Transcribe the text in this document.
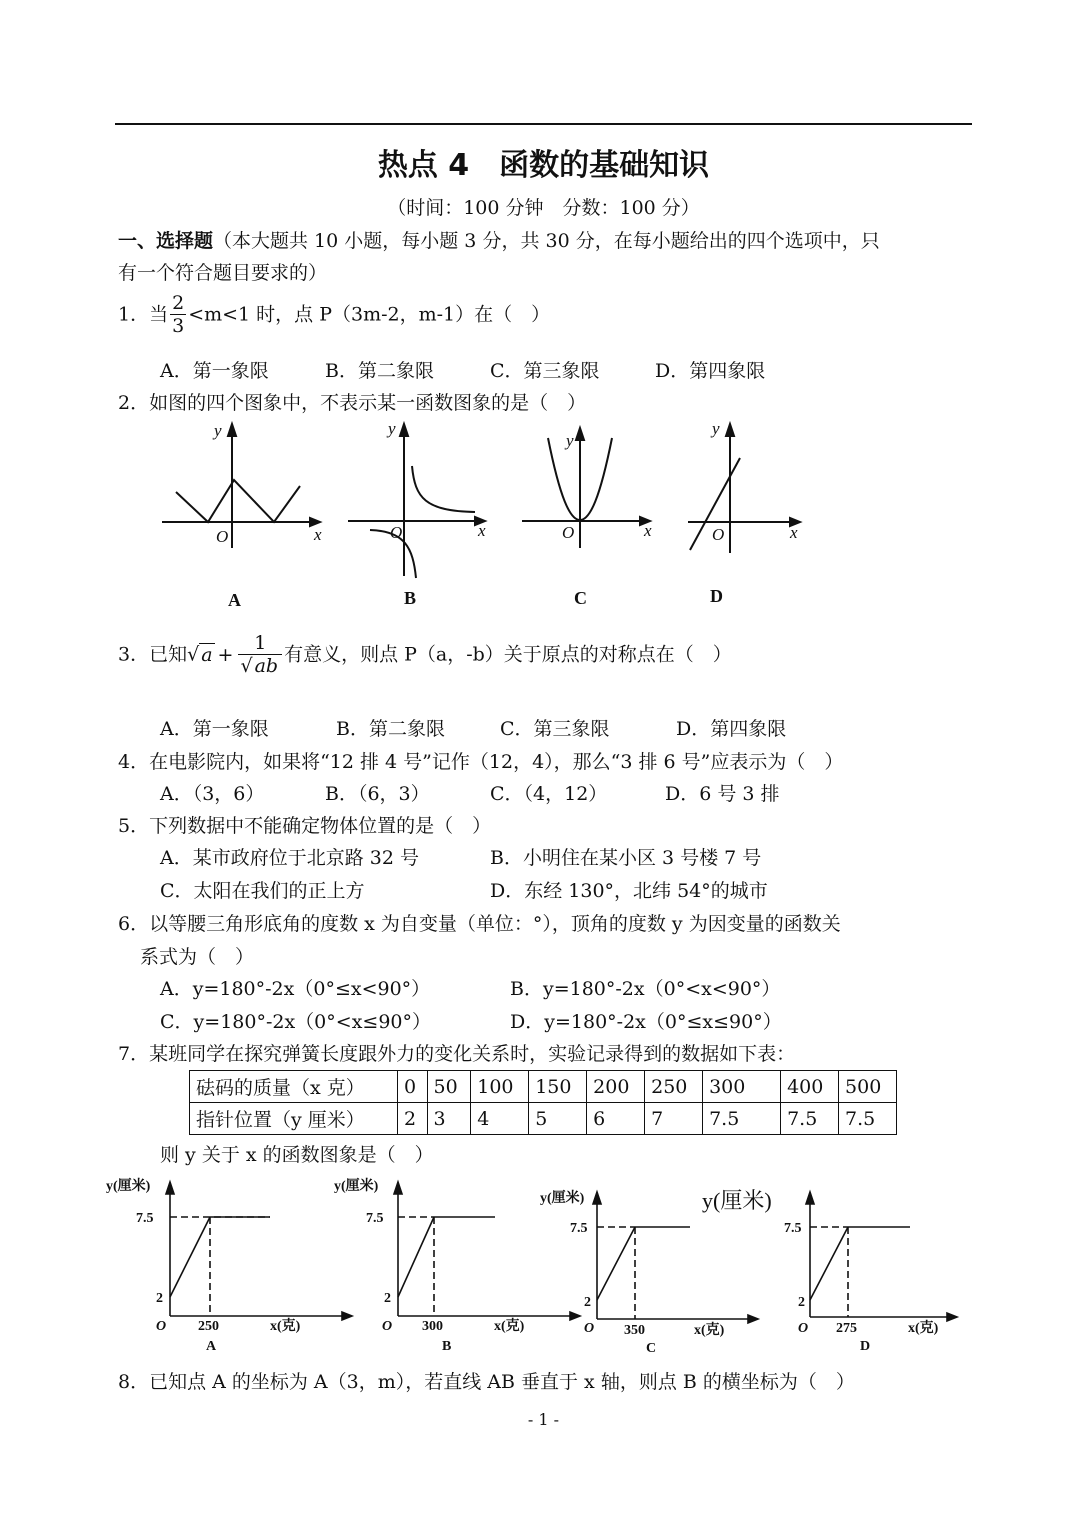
热点 4　函数的基础知识
（时间：100 分钟　分数：100 分）
一、选择题（本大题共 10 小题，每小题 3 分，共 30 分，在每小题给出的四个选项中，只
有一个符合题目要求的）
1．当 $\frac{2}{3} <m<1$ 时，点 P（3m-2，m-1）在（　）
A．第一象限	B．第二象限	C．第三象限	D．第四象限
2．如图的四个图象中，不表示某一函数图象的是（　）
y
x
O
y
x
O
y
x
O
y
x
O
A	B	C	D
3．已知√ $a + \frac{1}{√ ab}$ 有意义，则点 P（a，-b）关于原点的对称点在（　）
A．第一象限	B．第二象限	C．第三象限	D．第四象限
4．在电影院内，如果将“12 排 4 号”记作（12，4），那么“3 排 6 号”应表示为（　）
A．（3，6）	B．（6，3）	C．（4，12）	D．6 号 3 排
5．下列数据中不能确定物体位置的是（　）
A．某市政府位于北京路 32 号	B．小明住在某小区 3 号楼 7 号
C．太阳在我们的正上方	D．东经 130°，北纬 54°的城市
6．以等腰三角形底角的度数 x 为自变量（单位：°），顶角的度数 y 为因变量的函数关
系式为（　）
A．y=180°-2x（0°≤x<90°）	B．y=180°-2x（0°<x<90°）
C．y=180°-2x（0°<x≤90°）	D．y=180°-2x（0°≤x≤90°）
7．某班同学在探究弹簧长度跟外力的变化关系时，实验记录得到的数据如下表：
砝码的质量（x 克）	0	50	100	150	200	250	300	400	500
指针位置（y 厘米）	2	3	4	5	6	7	7.5	7.5	7.5
则 y 关于 x 的函数图象是（　）
y(厘米)
7.5
2
O 250	x(克)
A
y(厘米)
7.5
2
O 300	x(克)
B
y(厘米)
7.5
2
O 350	x(克)
C
y(厘米)
7.5
2
O 275	x(克)
D
8．已知点 A 的坐标为 A（3，m），若直线 AB 垂直于 x 轴，则点 B 的横坐标为（　）
- 1 -
